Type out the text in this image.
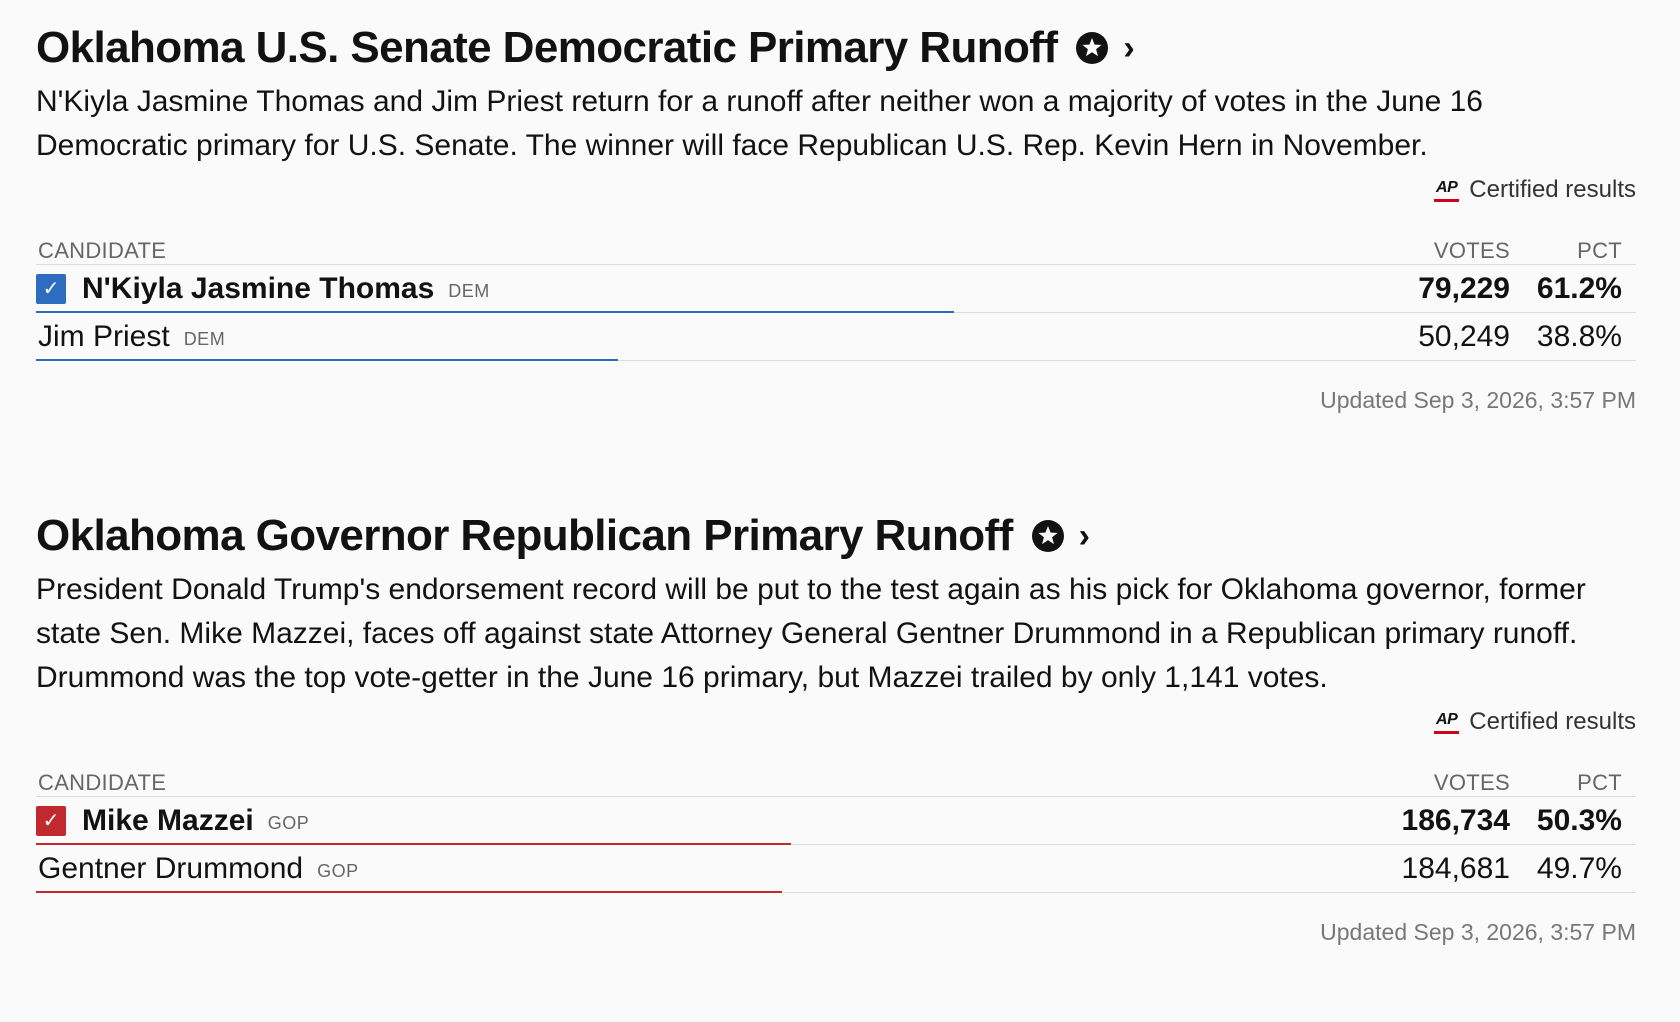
Oklahoma U.S. Senate Democratic Primary Runoff ›
N'Kiyla Jasmine Thomas and Jim Priest return for a runoff after neither won a majority of votes in the June 16 Democratic primary for U.S. Senate. The winner will face Republican U.S. Rep. Kevin Hern in November.
AP Certified results
CANDIDATE	VOTES	PCT
✓ N'Kiyla Jasmine Thomas DEM	79,229 61.2%
Jim Priest DEM	50,249 38.8%
Updated Sep 3, 2026, 3:57 PM
Oklahoma Governor Republican Primary Runoff ›
President Donald Trump's endorsement record will be put to the test again as his pick for Oklahoma governor, former state Sen. Mike Mazzei, faces off against state Attorney General Gentner Drummond in a Republican primary runoff. Drummond was the top vote-getter in the June 16 primary, but Mazzei trailed by only 1,141 votes.
AP Certified results
CANDIDATE	VOTES	PCT
✓ Mike Mazzei GOP	186,734 50.3%
Gentner Drummond GOP	184,681 49.7%
Updated Sep 3, 2026, 3:57 PM
